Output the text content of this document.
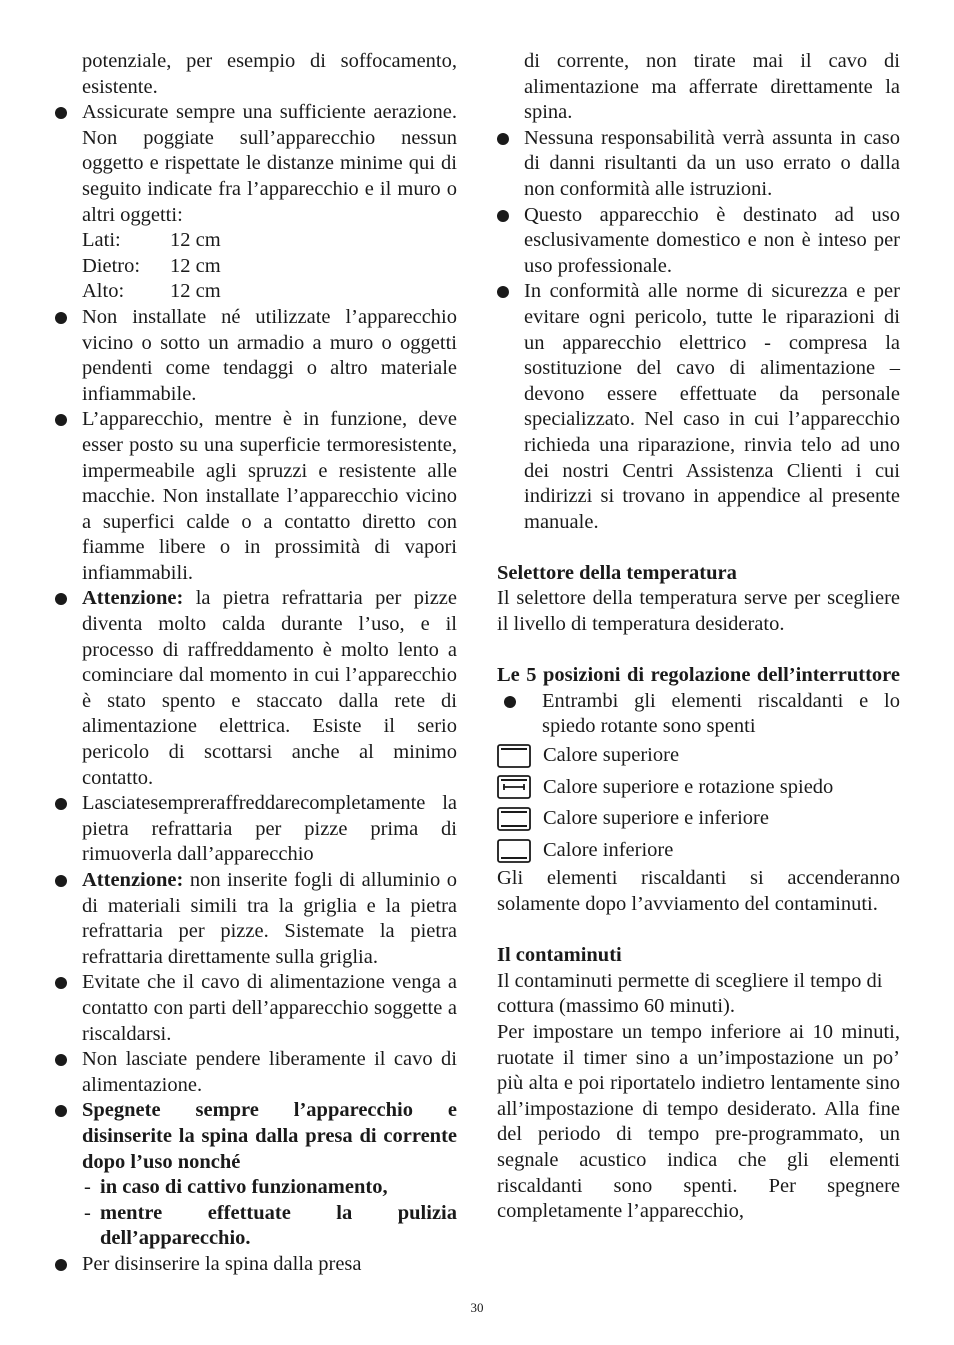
potenziale, per esempio di soffocamento, esistente.

Assicurate sempre una sufficiente aerazione. Non poggiate sull’apparecchio nessun oggetto e rispettate le distanze minime qui di seguito indicate fra l’apparecchio e il muro o altri oggetti:
Lati:	12 cm
Dietro:	12 cm
Alto:	12 cm
Non installate né utilizzate l’apparecchio vicino o sotto un armadio a muro o oggetti pendenti come tendaggi o altro materiale infiammabile.
L’apparecchio, mentre è in funzione, deve esser posto su una superficie termoresistente, impermeabile agli spruzzi e resistente alle macchie. Non installate l’apparecchio vicino a superfici calde o a contatto diretto con fiamme libere o in prossimità di vapori infiammabili.
Attenzione: la pietra refrattaria per pizze diventa molto calda durante l’uso, e il processo di raffreddamento è molto lento a cominciare dal momento in cui l’apparecchio è stato spento e staccato dalla rete di alimentazione elettrica. Esiste il serio pericolo di scottarsi anche al minimo contatto.
Lasciatesempreraffreddarecompletamente la pietra refrattaria per pizze prima di rimuoverla dall’apparecchio
Attenzione: non inserite fogli di alluminio o di materiali simili tra la griglia e la pietra refrattaria per pizze. Sistemate la pietra refrattaria direttamente sulla griglia.
Evitate che il cavo di alimentazione venga a contatto con parti dell’apparecchio soggette a riscaldarsi.
Non lasciate pendere liberamente il cavo di alimentazione.
Spegnete sempre l’apparecchio e disinserite la spina dalla presa di corrente dopo l’uso nonché
- in caso di cattivo funzionamento,
- mentre effettuate la pulizia dell’apparecchio.
Per disinserire la spina dalla presa

di corrente, non tirate mai il cavo di alimentazione ma afferrate direttamente la spina.

Nessuna responsabilità verrà assunta in caso di danni risultanti da un uso errato o dalla non conformità alle istruzioni.
Questo apparecchio è destinato ad uso esclusivamente domestico e non è inteso per uso professionale.
In conformità alle norme di sicurezza e per evitare ogni pericolo, tutte le riparazioni di un apparecchio elettrico - compresa la sostituzione del cavo di alimentazione – devono essere effettuate da personale specializzato. Nel caso in cui l’apparecchio richieda una riparazione, rinvia telo ad uno dei nostri Centri Assistenza Clienti i cui indirizzi si trovano in appendice al presente manuale.
Selettore della temperatura

Il selettore della temperatura serve per scegliere il livello di temperatura desiderato.

Le 5 posizioni di regolazione dell’interruttore
Entrambi gli elementi riscaldanti e lo spiedo rotante sono spenti
Calore superiore
Calore superiore e rotazione spiedo
Calore superiore e inferiore
Calore inferiore

Gli elementi riscaldanti si accenderanno solamente dopo l’avviamento del contaminuti.

Il contaminuti

Il contaminuti permette di scegliere il tempo di cottura (massimo 60 minuti).

Per impostare un tempo inferiore ai 10 minuti, ruotate il timer sino a un’impostazione un po’ più alta e poi riportatelo indietro lentamente sino all’impostazione di tempo desiderato. Alla fine del periodo di tempo pre-programmato, un segnale acustico indica che gli elementi riscaldanti sono spenti. Per spegnere completamente l’apparecchio,

30
